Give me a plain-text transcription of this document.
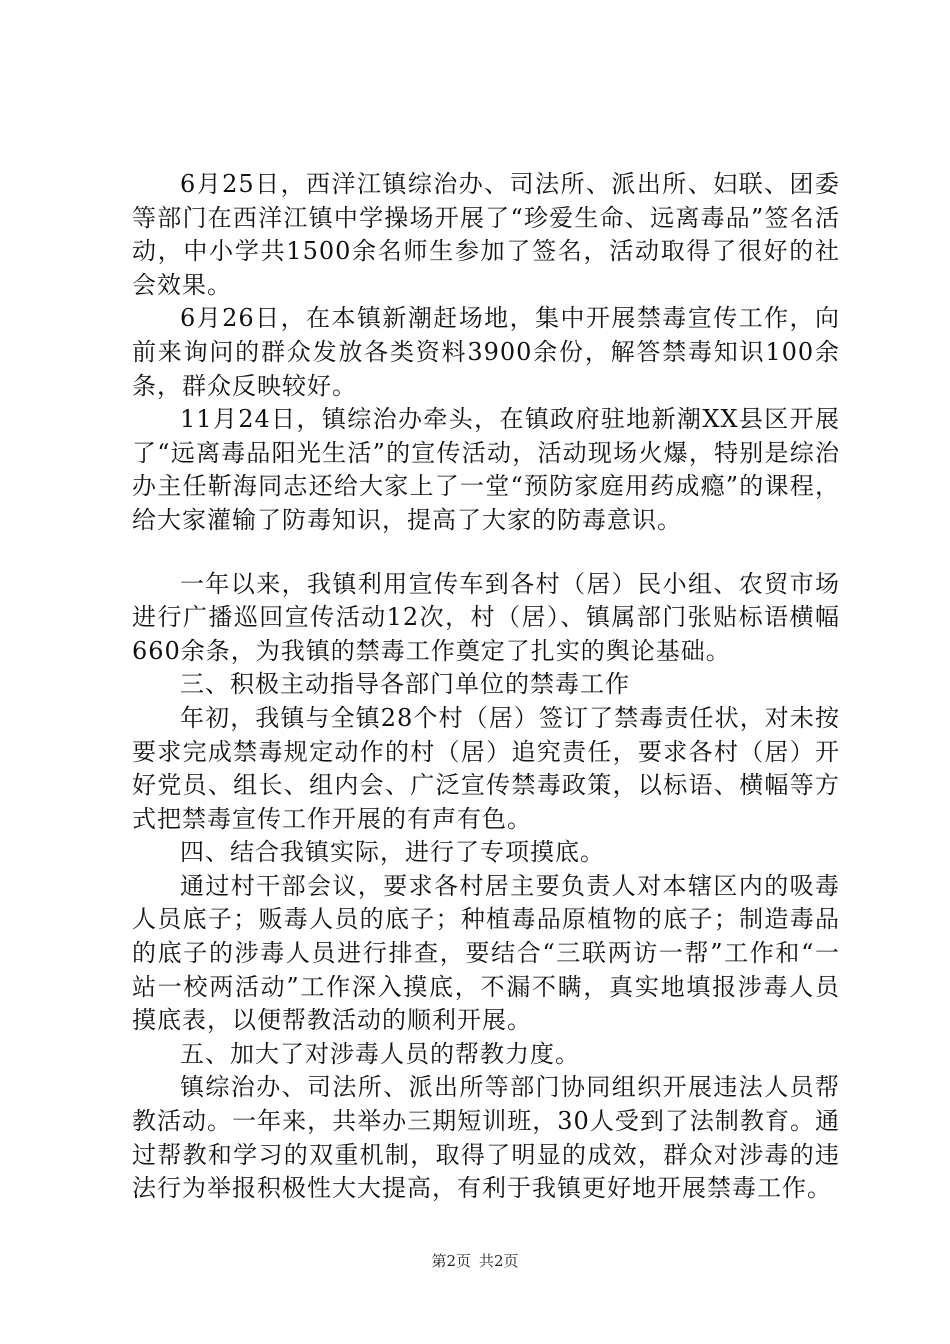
6月25日，西洋江镇综治办、司法所、派出所、妇联、团委等部门在西洋江镇中学操场开展了“珍爱生命、远离毒品”签名活动，中小学共1500余名师生参加了签名，活动取得了很好的社会效果。

6月26日，在本镇新潮赶场地，集中开展禁毒宣传工作，向前来询问的群众发放各类资料3900余份，解答禁毒知识100余条，群众反映较好。

11月24日，镇综治办牵头，在镇政府驻地新潮XX县区开展了“远离毒品阳光生活”的宣传活动，活动现场火爆，特别是综治办主任靳海同志还给大家上了一堂“预防家庭用药成瘾”的课程，给大家灌输了防毒知识，提高了大家的防毒意识。

一年以来，我镇利用宣传车到各村（居）民小组、农贸市场进行广播巡回宣传活动12次，村（居）、镇属部门张贴标语横幅660余条，为我镇的禁毒工作奠定了扎实的舆论基础。

三、积极主动指导各部门单位的禁毒工作

年初，我镇与全镇28个村（居）签订了禁毒责任状，对未按要求完成禁毒规定动作的村（居）追究责任，要求各村（居）开好党员、组长、组内会、广泛宣传禁毒政策，以标语、横幅等方式把禁毒宣传工作开展的有声有色。

四、结合我镇实际，进行了专项摸底。

通过村干部会议，要求各村居主要负责人对本辖区内的吸毒人员底子；贩毒人员的底子；种植毒品原植物的底子；制造毒品的底子的涉毒人员进行排查，要结合“三联两访一帮”工作和“一站一校两活动”工作深入摸底，不漏不瞒，真实地填报涉毒人员摸底表，以便帮教活动的顺利开展。

五、加大了对涉毒人员的帮教力度。

镇综治办、司法所、派出所等部门协同组织开展违法人员帮教活动。一年来，共举办三期短训班，30人受到了法制教育。通过帮教和学习的双重机制，取得了明显的成效，群众对涉毒的违法行为举报积极性大大提高，有利于我镇更好地开展禁毒工作。

第2页 共2页
